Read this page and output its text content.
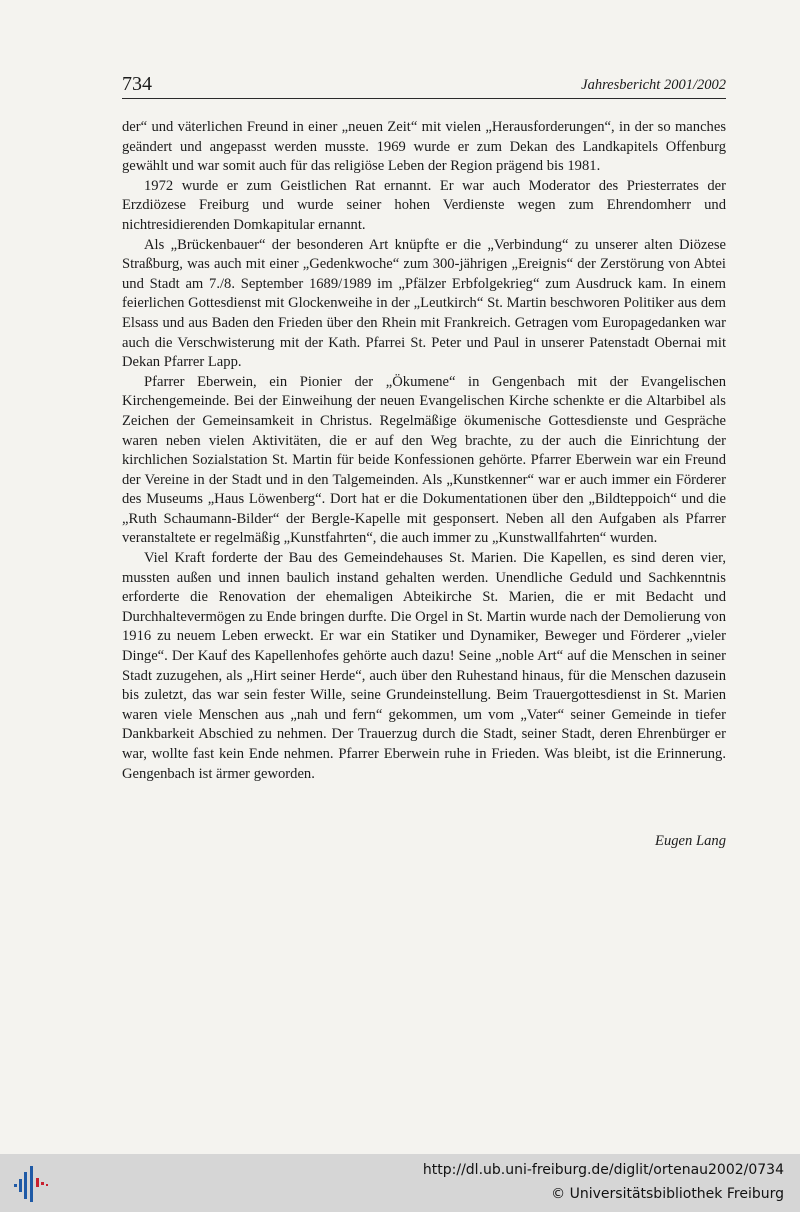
734	Jahresbericht 2001/2002

der“ und väterlichen Freund in einer „neuen Zeit“ mit vielen „Herausforderungen“, in der so manches geändert und angepasst werden musste. 1969 wurde er zum Dekan des Landkapitels Offenburg gewählt und war somit auch für das religiöse Leben der Region prägend bis 1981.

1972 wurde er zum Geistlichen Rat ernannt. Er war auch Moderator des Priesterrates der Erzdiözese Freiburg und wurde seiner hohen Verdienste wegen zum Ehrendomherr und nichtresidierenden Domkapitular ernannt.

Als „Brückenbauer“ der besonderen Art knüpfte er die „Verbindung“ zu unserer alten Diözese Straßburg, was auch mit einer „Gedenkwoche“ zum 300-jährigen „Ereignis“ der Zerstörung von Abtei und Stadt am 7./8. September 1689/1989 im „Pfälzer Erbfolgekrieg“ zum Ausdruck kam. In einem feierlichen Gottesdienst mit Glockenweihe in der „Leutkirch“ St. Martin beschworen Politiker aus dem Elsass und aus Baden den Frieden über den Rhein mit Frankreich. Getragen vom Europagedanken war auch die Verschwisterung mit der Kath. Pfarrei St. Peter und Paul in unserer Patenstadt Obernai mit Dekan Pfarrer Lapp.

Pfarrer Eberwein, ein Pionier der „Ökumene“ in Gengenbach mit der Evangelischen Kirchengemeinde. Bei der Einweihung der neuen Evangelischen Kirche schenkte er die Altarbibel als Zeichen der Gemeinsamkeit in Christus. Regelmäßige ökumenische Gottesdienste und Gespräche waren neben vielen Aktivitäten, die er auf den Weg brachte, zu der auch die Einrichtung der kirchlichen Sozialstation St. Martin für beide Konfessionen gehörte. Pfarrer Eberwein war ein Freund der Vereine in der Stadt und in den Talgemeinden. Als „Kunstkenner“ war er auch immer ein Förderer des Museums „Haus Löwenberg“. Dort hat er die Dokumentationen über den „Bildteppoich“ und die „Ruth Schaumann-Bilder“ der Bergle-Kapelle mit gesponsert. Neben all den Aufgaben als Pfarrer veranstaltete er regelmäßig „Kunstfahrten“, die auch immer zu „Kunstwallfahrten“ wurden.

Viel Kraft forderte der Bau des Gemeindehauses St. Marien. Die Kapellen, es sind deren vier, mussten außen und innen baulich instand gehalten werden. Unendliche Geduld und Sachkenntnis erforderte die Renovation der ehemaligen Abteikirche St. Marien, die er mit Bedacht und Durchhaltevermögen zu Ende bringen durfte. Die Orgel in St. Martin wurde nach der Demolierung von 1916 zu neuem Leben erweckt. Er war ein Statiker und Dynamiker, Beweger und Förderer „vieler Dinge“. Der Kauf des Kapellenhofes gehörte auch dazu! Seine „noble Art“ auf die Menschen in seiner Stadt zuzugehen, als „Hirt seiner Herde“, auch über den Ruhestand hinaus, für die Menschen dazusein bis zuletzt, das war sein fester Wille, seine Grundeinstellung. Beim Trauergottesdienst in St. Marien waren viele Menschen aus „nah und fern“ gekommen, um vom „Vater“ seiner Gemeinde in tiefer Dankbarkeit Abschied zu nehmen. Der Trauerzug durch die Stadt, seiner Stadt, deren Ehrenbürger er war, wollte fast kein Ende nehmen. Pfarrer Eberwein ruhe in Frieden. Was bleibt, ist die Erinnerung. Gengenbach ist ärmer geworden.

Eugen Lang
http://dl.ub.uni-freiburg.de/diglit/ortenau2002/0734
© Universitätsbibliothek Freiburg
